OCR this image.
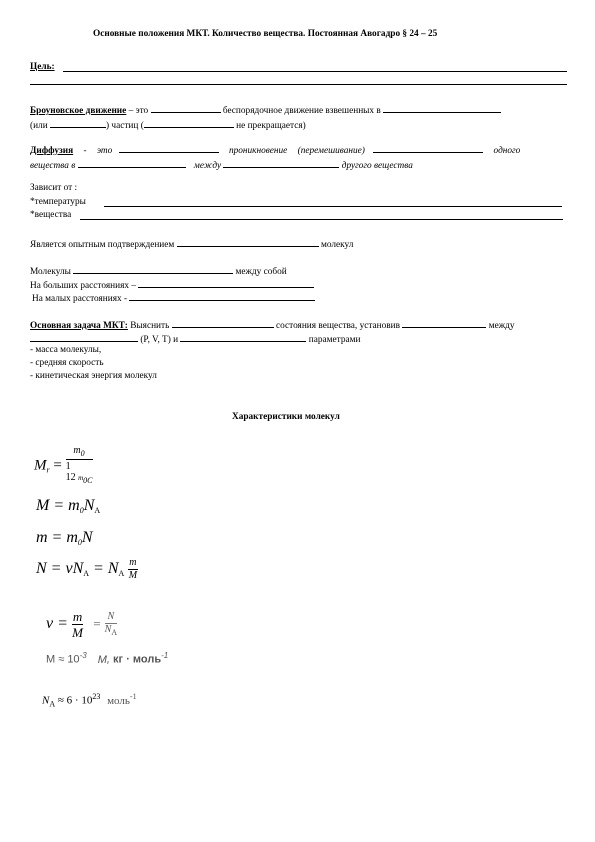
Основные положения МКТ. Количество вещества. Постоянная Авогадро § 24 – 25
Цель:
Броуновское движение – это	беспорядочное движение взвешенных в
(или	) частиц (	не прекращается)
Диффузия - это	проникновение (перемешивание)	одного
вещества в	между	другого вещества
Зависит от :
*температуры
*вещества
Является опытным подтверждением	молекул
Молекулы	между собой
На больших расстояниях –
На малых расстояниях -
Основная задача МКТ: Выяснить	состояния вещества, установив	между
(P, V, T) и	параметрами
- масса молекулы,
- средняя скорость
- кинетическая энергия молекул
Характеристики молекул
$M_r$ =
$m_0$
1
12 $m_{0C}$
$M = m_0N_A$
$m = m_0N$
$N = \nu N_A = N_A \frac{m}{M}$
$\nu = \frac{m}{M} = \frac{N}{N_A}$
$M \approx 10^{-3}$ M, кг · моль$^{-1}$
$N_A \approx 6 \cdot 10^{23}$ моль$^{-1}$
